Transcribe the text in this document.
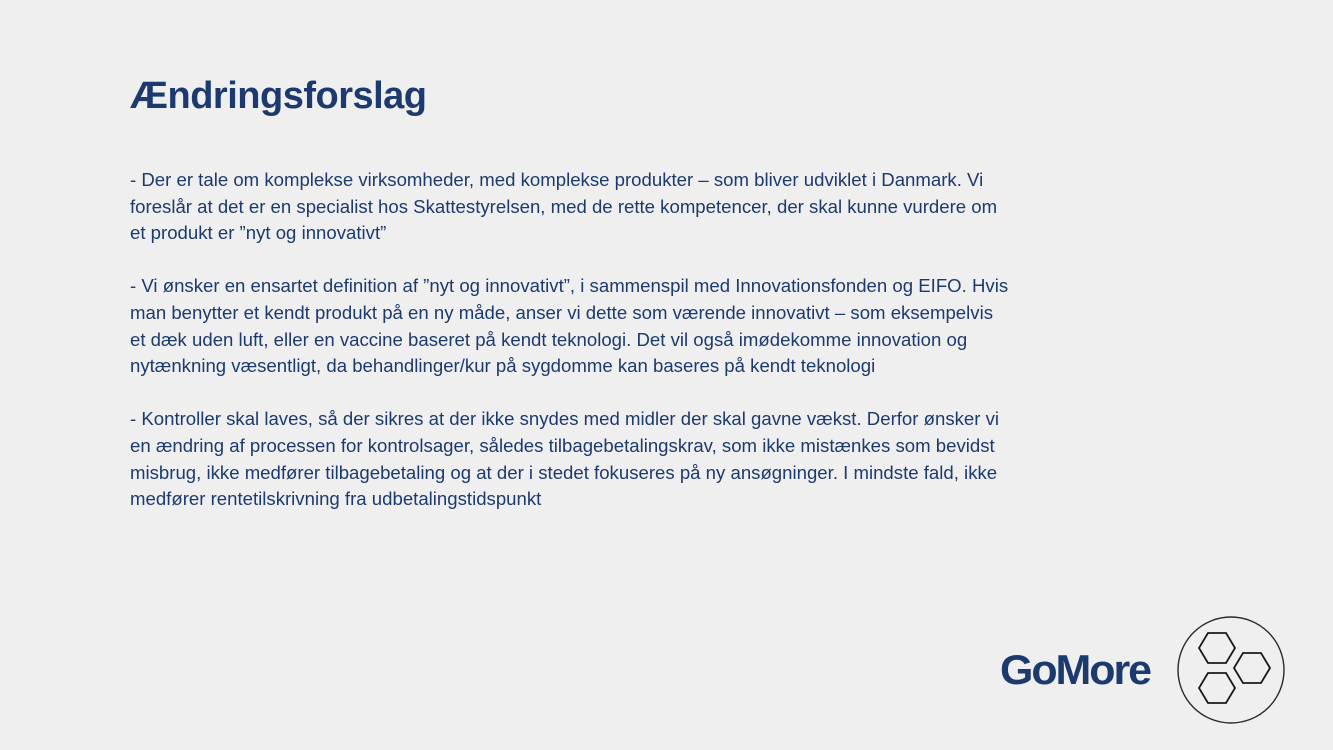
Ændringsforslag

- Der er tale om komplekse virksomheder, med komplekse produkter – som bliver udviklet i Danmark. Vi foreslår at det er en specialist hos Skattestyrelsen, med de rette kompetencer, der skal kunne vurdere om et produkt er ”nyt og innovativt”

- Vi ønsker en ensartet definition af ”nyt og innovativt”, i sammenspil med Innovationsfonden og EIFO. Hvis man benytter et kendt produkt på en ny måde, anser vi dette som værende innovativt – som eksempelvis et dæk uden luft, eller en vaccine baseret på kendt teknologi. Det vil også imødekomme innovation og nytænkning væsentligt, da behandlinger/kur på sygdomme kan baseres på kendt teknologi

- Kontroller skal laves, så der sikres at der ikke snydes med midler der skal gavne vækst. Derfor ønsker vi en ændring af processen for kontrolsager, således tilbagebetalingskrav, som ikke mistænkes som bevidst misbrug, ikke medfører tilbagebetaling og at der i stedet fokuseres på ny ansøgninger. I mindste fald, ikke medfører rentetilskrivning fra udbetalingstidspunkt

GoMore
